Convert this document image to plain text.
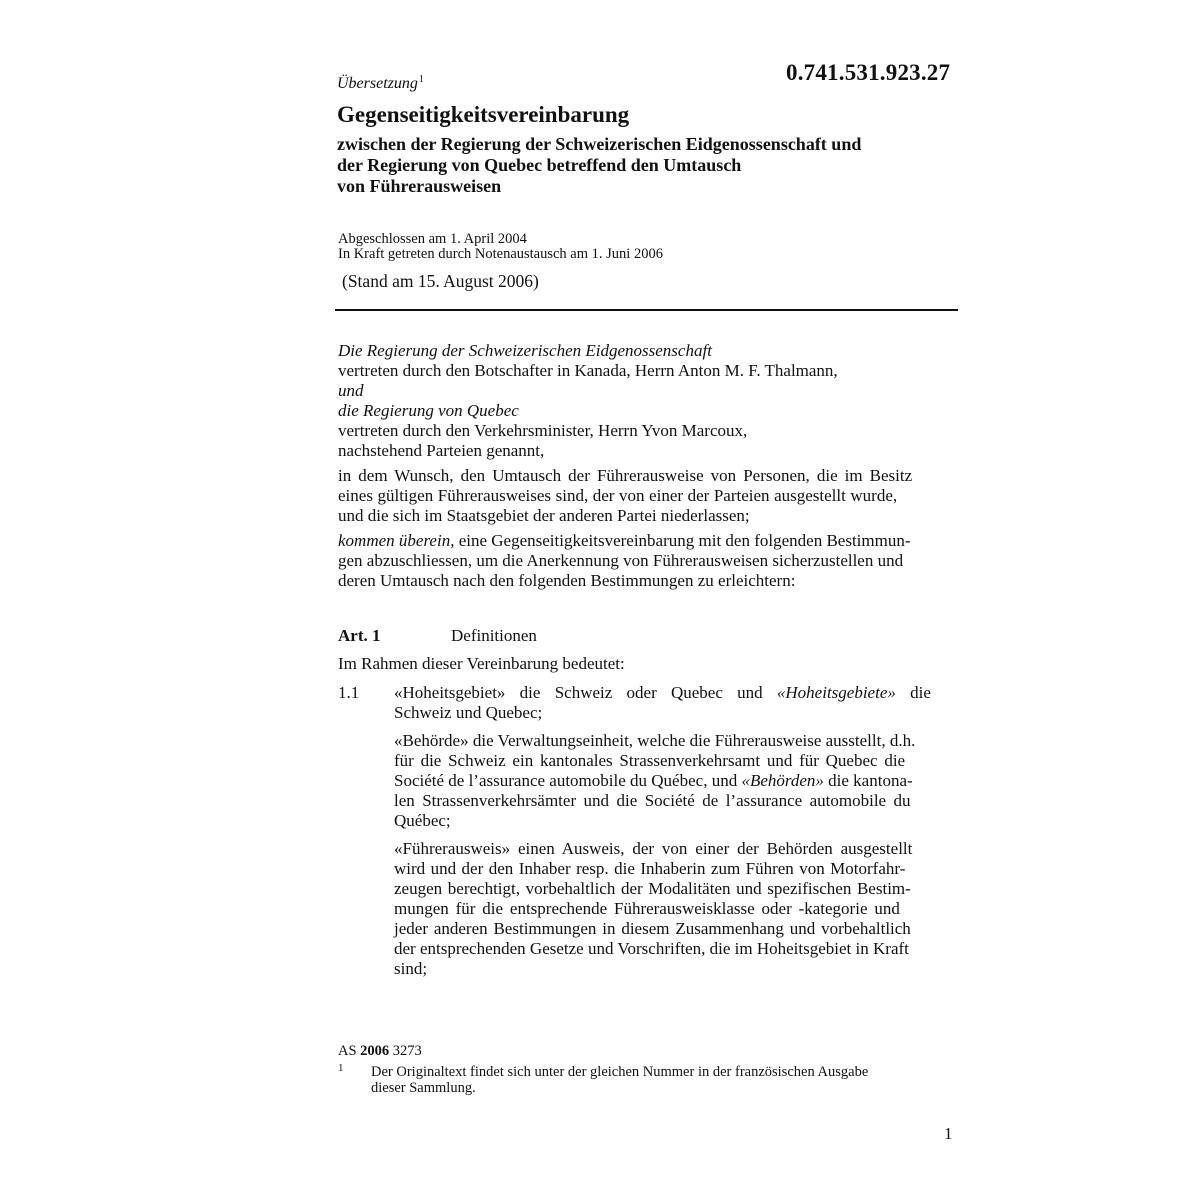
Übersetzung$^1$	0.741.531.923.27
Gegenseitigkeitsvereinbarung
zwischen der Regierung der Schweizerischen Eidgenossenschaft und
der Regierung von Quebec betreffend den Umtausch
von Führerausweisen
Abgeschlossen am 1. April 2004
In Kraft getreten durch Notenaustausch am 1. Juni 2006
(Stand am 15. August 2006)
Die Regierung der Schweizerischen Eidgenossenschaft
vertreten durch den Botschafter in Kanada, Herrn Anton M. F. Thalmann,
und
die Regierung von Quebec
vertreten durch den Verkehrsminister, Herrn Yvon Marcoux,
nachstehend Parteien genannt,
in dem Wunsch, den Umtausch der Führerausweise von Personen, die im Besitz
eines gültigen Führerausweises sind, der von einer der Parteien ausgestellt wurde,
und die sich im Staatsgebiet der anderen Partei niederlassen;
kommen überein, eine Gegenseitigkeitsvereinbarung mit den folgenden Bestimmun-
gen abzuschliessen, um die Anerkennung von Führerausweisen sicherzustellen und
deren Umtausch nach den folgenden Bestimmungen zu erleichtern:
Art. 1	Definitionen
Im Rahmen dieser Vereinbarung bedeutet:
1.1 «Hoheitsgebiet» die Schweiz oder Quebec und «Hoheitsgebiete» die
Schweiz und Quebec;
«Behörde» die Verwaltungseinheit, welche die Führerausweise ausstellt, d.h.
für die Schweiz ein kantonales Strassenverkehrsamt und für Quebec die
Société de l’assurance automobile du Québec, und «Behörden» die kantona-
len Strassenverkehrsämter und die Société de l’assurance automobile du
Québec;
«Führerausweis» einen Ausweis, der von einer der Behörden ausgestellt
wird und der den Inhaber resp. die Inhaberin zum Führen von Motorfahr-
zeugen berechtigt, vorbehaltlich der Modalitäten und spezifischen Bestim-
mungen für die entsprechende Führerausweisklasse oder -kategorie und
jeder anderen Bestimmungen in diesem Zusammenhang und vorbehaltlich
der entsprechenden Gesetze und Vorschriften, die im Hoheitsgebiet in Kraft
sind;
AS 2006 3273
1 Der Originaltext findet sich unter der gleichen Nummer in der französischen Ausgabe
dieser Sammlung.
1
